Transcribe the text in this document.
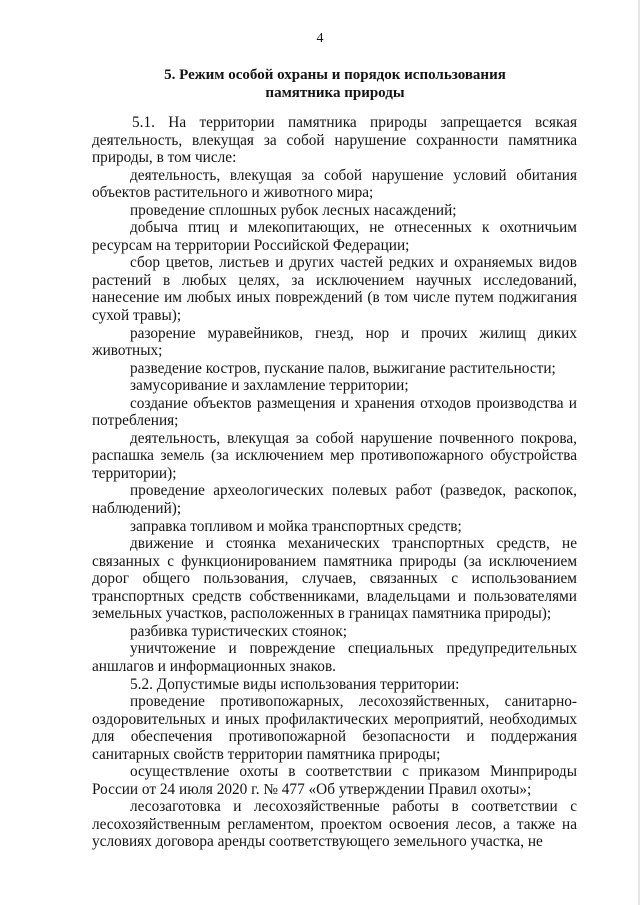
4
5. Режим особой охраны и порядок использования
памятника природы

5.1. На территории памятника природы запрещается всякая деятельность, влекущая за собой нарушение сохранности памятника природы, в том числе:

деятельность, влекущая за собой нарушение условий обитания объектов растительного и животного мира;

проведение сплошных рубок лесных насаждений;

добыча птиц и млекопитающих, не отнесенных к охотничьим ресурсам на территории Российской Федерации;

сбор цветов, листьев и других частей редких и охраняемых видов растений в любых целях, за исключением научных исследований, нанесение им любых иных повреждений (в том числе путем поджигания сухой травы);

разорение муравейников, гнезд, нор и прочих жилищ диких животных;

разведение костров, пускание палов, выжигание растительности;

замусоривание и захламление территории;

создание объектов размещения и хранения отходов производства и потребления;

деятельность, влекущая за собой нарушение почвенного покрова, распашка земель (за исключением мер противопожарного обустройства территории);

проведение археологических полевых работ (разведок, раскопок, наблюдений);

заправка топливом и мойка транспортных средств;

движение и стоянка механических транспортных средств, не связанных с функционированием памятника природы (за исключением дорог общего пользования, случаев, связанных с использованием транспортных средств собственниками, владельцами и пользователями земельных участков, расположенных в границах памятника природы);

разбивка туристических стоянок;

уничтожение и повреждение специальных предупредительных аншлагов и информационных знаков.

5.2. Допустимые виды использования территории:

проведение противопожарных, лесохозяйственных, санитарно-оздоровительных и иных профилактических мероприятий, необходимых для обеспечения противопожарной безопасности и поддержания санитарных свойств территории памятника природы;

осуществление охоты в соответствии с приказом Минприроды России от 24 июля 2020 г. № 477 «Об утверждении Правил охоты»;

лесозаготовка и лесохозяйственные работы в соответствии с лесохозяйственным регламентом, проектом освоения лесов, а также на условиях договора аренды соответствующего земельного участка, не
